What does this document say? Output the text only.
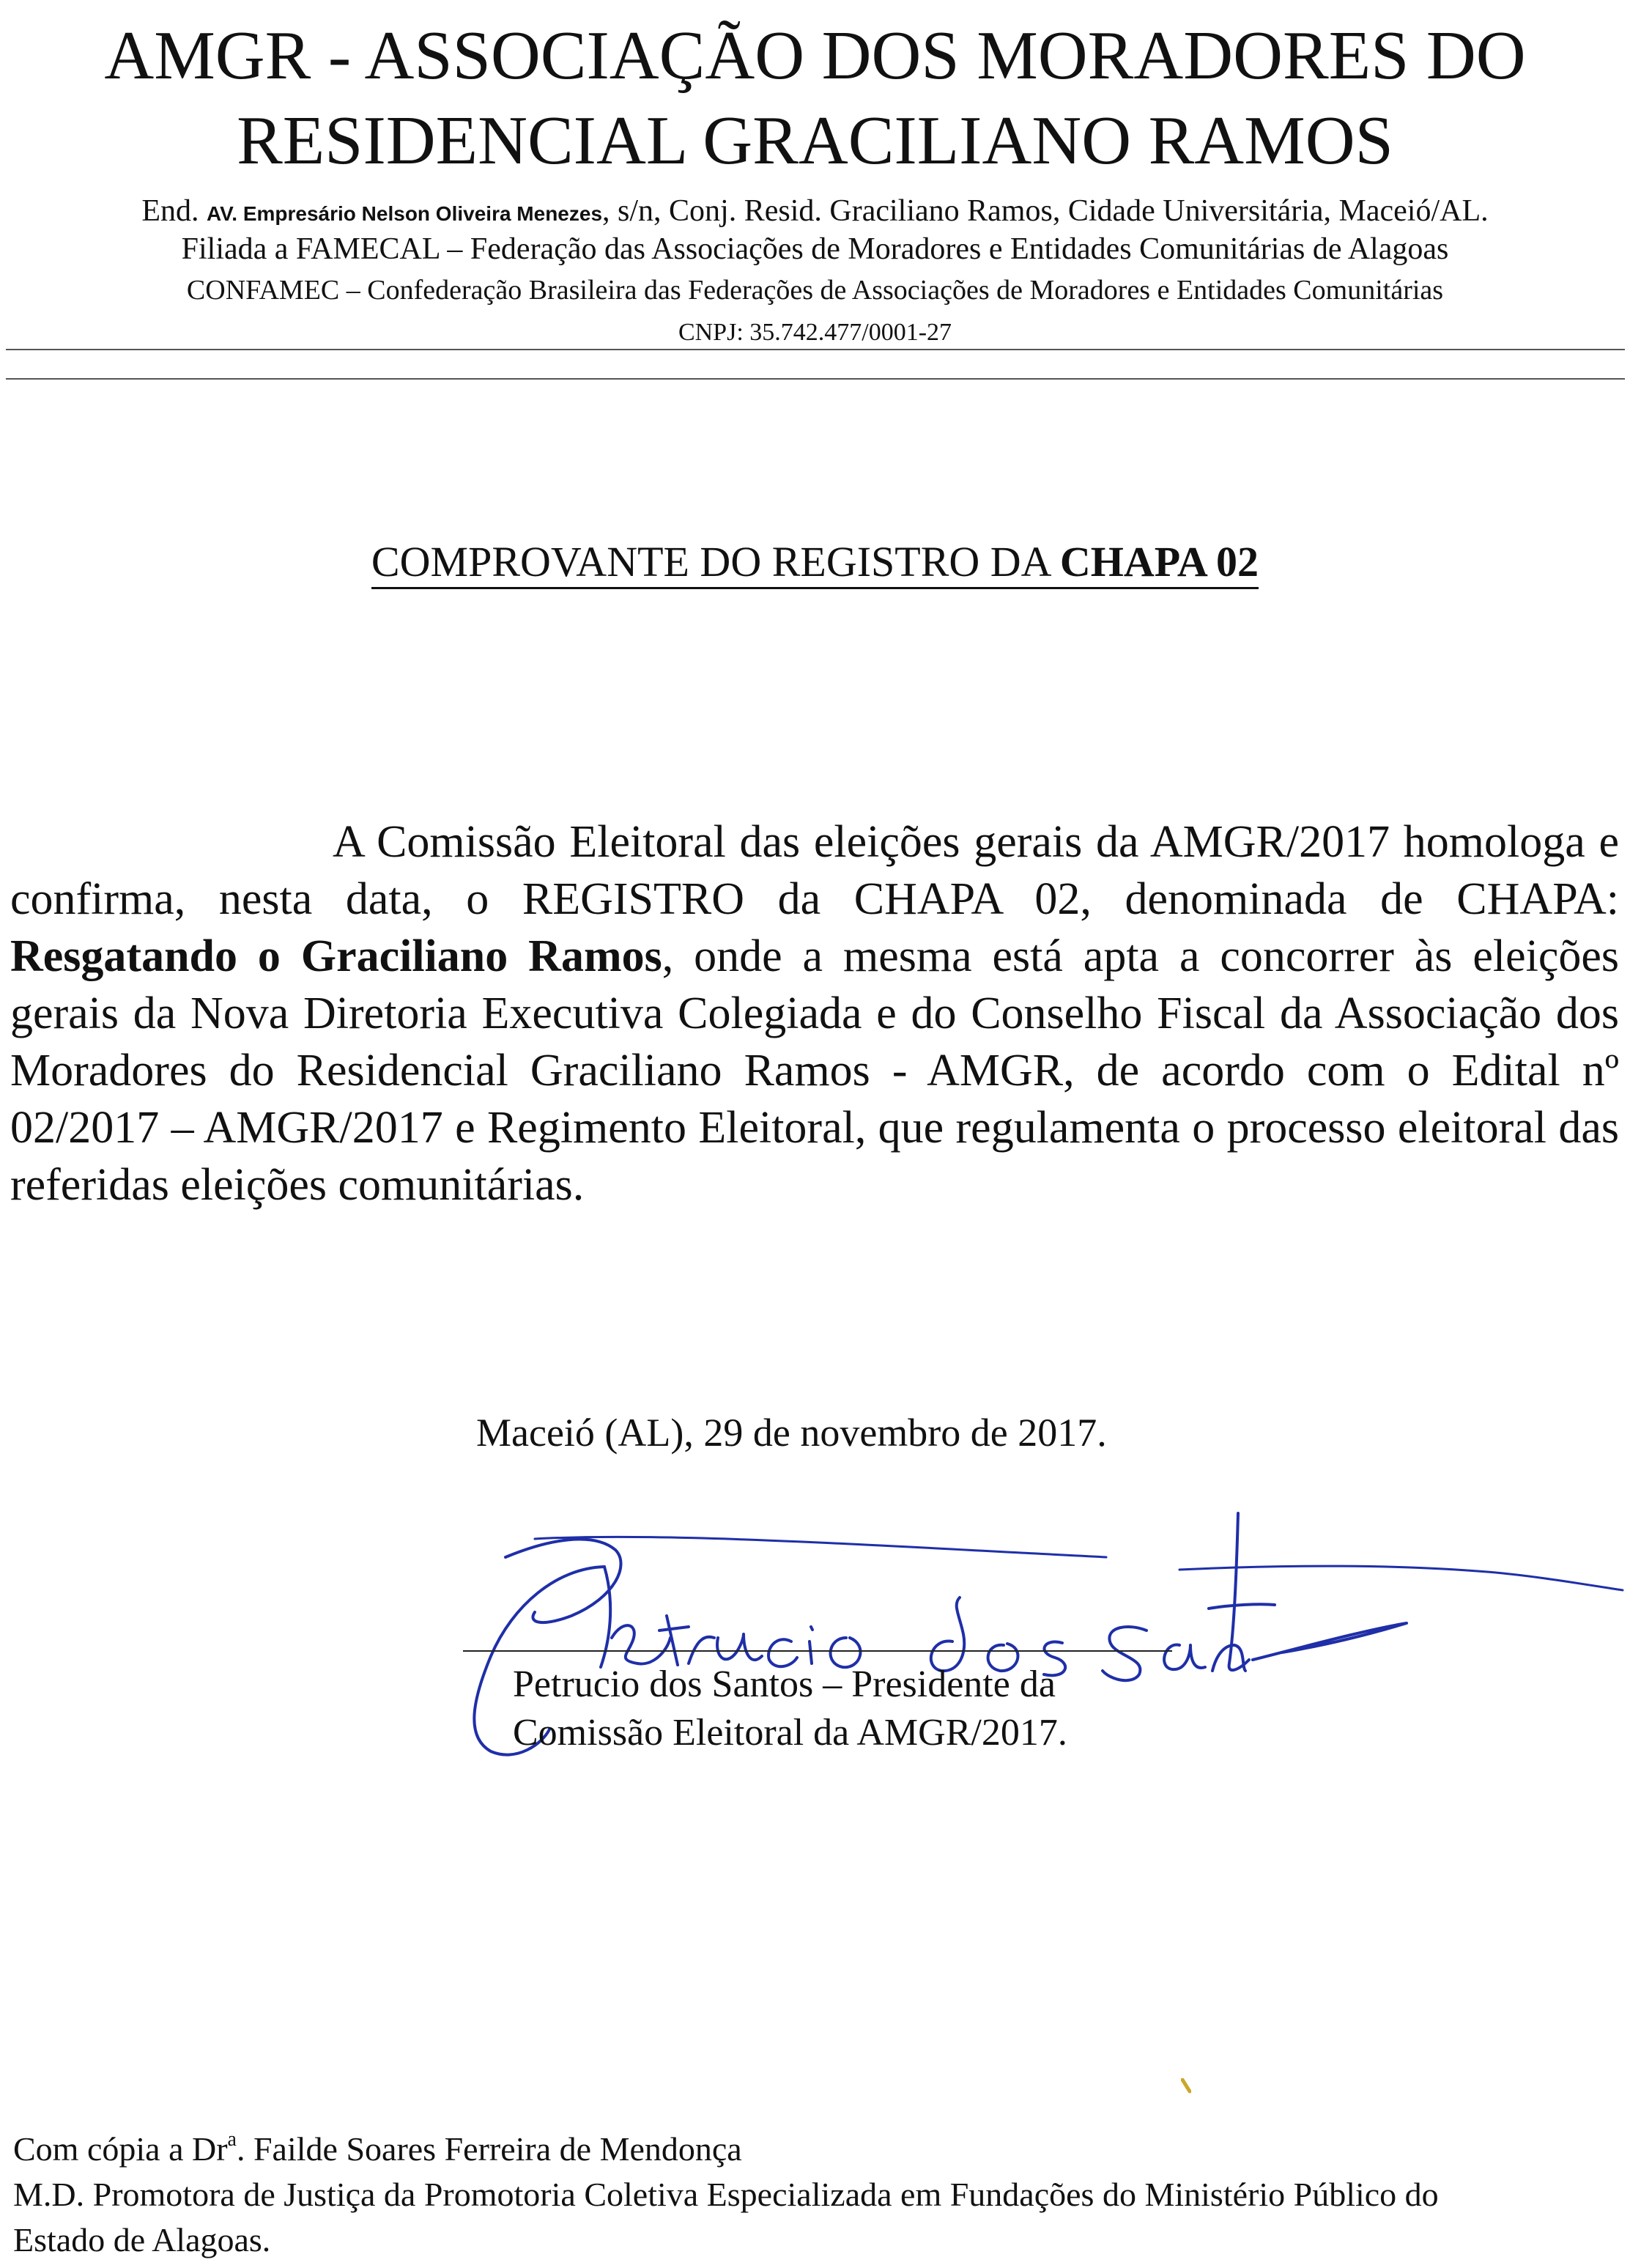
AMGR - ASSOCIAÇÃO DOS MORADORES DO
RESIDENCIAL GRACILIANO RAMOS
End. AV. Empresário Nelson Oliveira Menezes, s/n, Conj. Resid. Graciliano Ramos, Cidade Universitária, Maceió/AL.
Filiada a FAMECAL – Federação das Associações de Moradores e Entidades Comunitárias de Alagoas
CONFAMEC – Confederação Brasileira das Federações de Associações de Moradores e Entidades Comunitárias
CNPJ: 35.742.477/0001-27
COMPROVANTE DO REGISTRO DA CHAPA 02
A Comissão Eleitoral das eleições gerais da AMGR/2017 homologa e confirma, nesta data, o REGISTRO da CHAPA 02, denominada de CHAPA: Resgatando o Graciliano Ramos, onde a mesma está apta a concorrer às eleições gerais da Nova Diretoria Executiva Colegiada e do Conselho Fiscal da Associação dos Moradores do Residencial Graciliano Ramos - AMGR, de acordo com o Edital nº 02/2017 – AMGR/2017 e Regimento Eleitoral, que regulamenta o processo eleitoral das referidas eleições comunitárias.
Maceió (AL), 29 de novembro de 2017.
Petrucio dos Santos – Presidente da
Comissão Eleitoral da AMGR/2017.
Com cópia a Dr$^a$. Failde Soares Ferreira de Mendonça
M.D. Promotora de Justiça da Promotoria Coletiva Especializada em Fundações do Ministério Público do
Estado de Alagoas.
